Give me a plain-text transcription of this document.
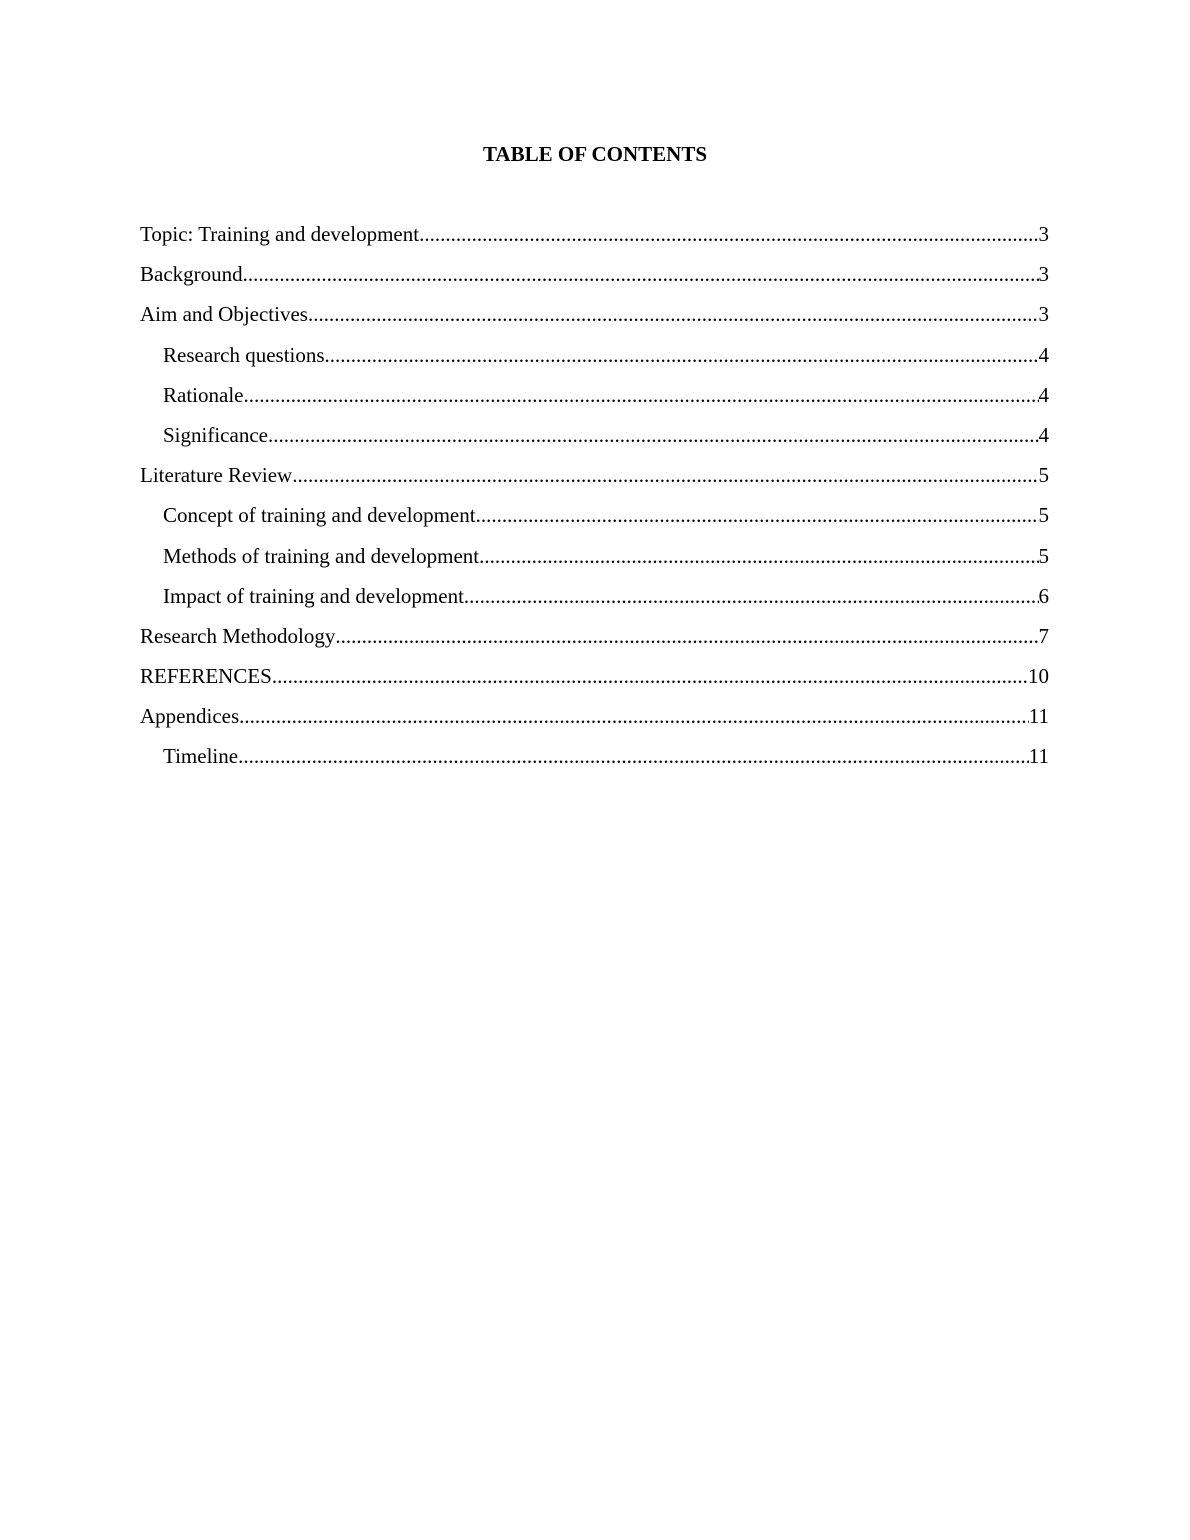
TABLE OF CONTENTS
Topic: Training and development .....	3
Background .....	3
Aim and Objectives .....	3
Research questions .....	4
Rationale .....	4
Significance .....	4
Literature Review .....	5
Concept of training and development .....	5
Methods of training and development .....	5
Impact of training and development .....	6
Research Methodology .....	7
REFERENCES .....	10
Appendices .....	11
Timeline .....	11
